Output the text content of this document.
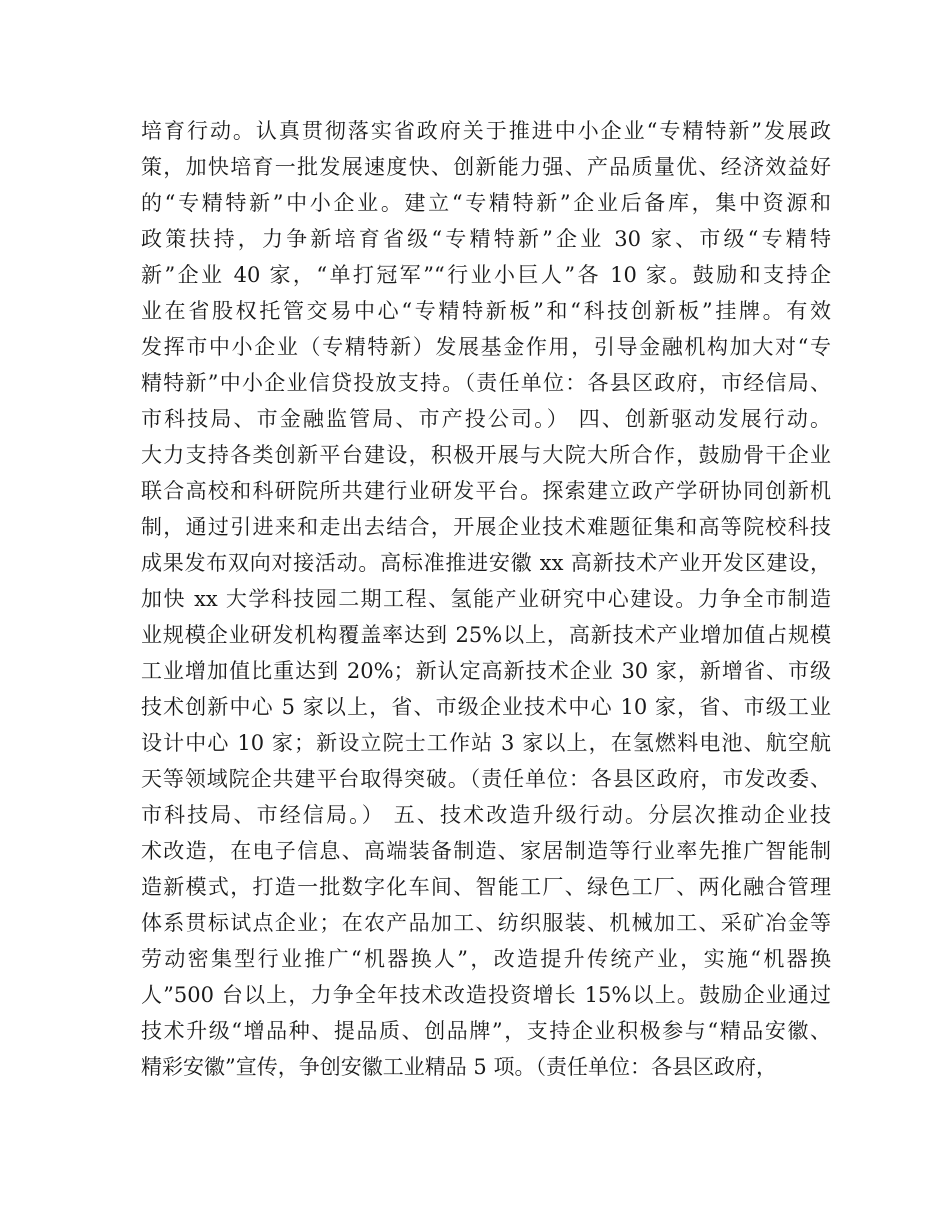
培育行动。认真贯彻落实省政府关于推进中小企业“专精特新”发展政
策，加快培育一批发展速度快、创新能力强、产品质量优、经济效益好
的“专精特新”中小企业。建立“专精特新”企业后备库，集中资源和
政策扶持，力争新培育省级“专精特新”企业 30 家、市级“专精特
新”企业 40 家，“单打冠军”“行业小巨人”各 10 家。鼓励和支持企
业在省股权托管交易中心“专精特新板”和“科技创新板”挂牌。有效
发挥市中小企业（专精特新）发展基金作用，引导金融机构加大对“专
精特新”中小企业信贷投放支持。（责任单位：各县区政府，市经信局、
市科技局、市金融监管局、市产投公司。） 四、创新驱动发展行动。
大力支持各类创新平台建设，积极开展与大院大所合作，鼓励骨干企业
联合高校和科研院所共建行业研发平台。探索建立政产学研协同创新机
制，通过引进来和走出去结合，开展企业技术难题征集和高等院校科技
成果发布双向对接活动。高标准推进安徽 xx 高新技术产业开发区建设，
加快 xx 大学科技园二期工程、氢能产业研究中心建设。力争全市制造
业规模企业研发机构覆盖率达到 25%以上，高新技术产业增加值占规模
工业增加值比重达到 20%；新认定高新技术企业 30 家，新增省、市级
技术创新中心 5 家以上，省、市级企业技术中心 10 家，省、市级工业
设计中心 10 家；新设立院士工作站 3 家以上，在氢燃料电池、航空航
天等领域院企共建平台取得突破。（责任单位：各县区政府，市发改委、
市科技局、市经信局。） 五、技术改造升级行动。分层次推动企业技
术改造，在电子信息、高端装备制造、家居制造等行业率先推广智能制
造新模式，打造一批数字化车间、智能工厂、绿色工厂、两化融合管理
体系贯标试点企业；在农产品加工、纺织服装、机械加工、采矿冶金等
劳动密集型行业推广“机器换人”，改造提升传统产业，实施“机器换
人”500 台以上，力争全年技术改造投资增长 15%以上。鼓励企业通过
技术升级“增品种、提品质、创品牌”，支持企业积极参与“精品安徽、
精彩安徽”宣传，争创安徽工业精品 5 项。（责任单位：各县区政府，
